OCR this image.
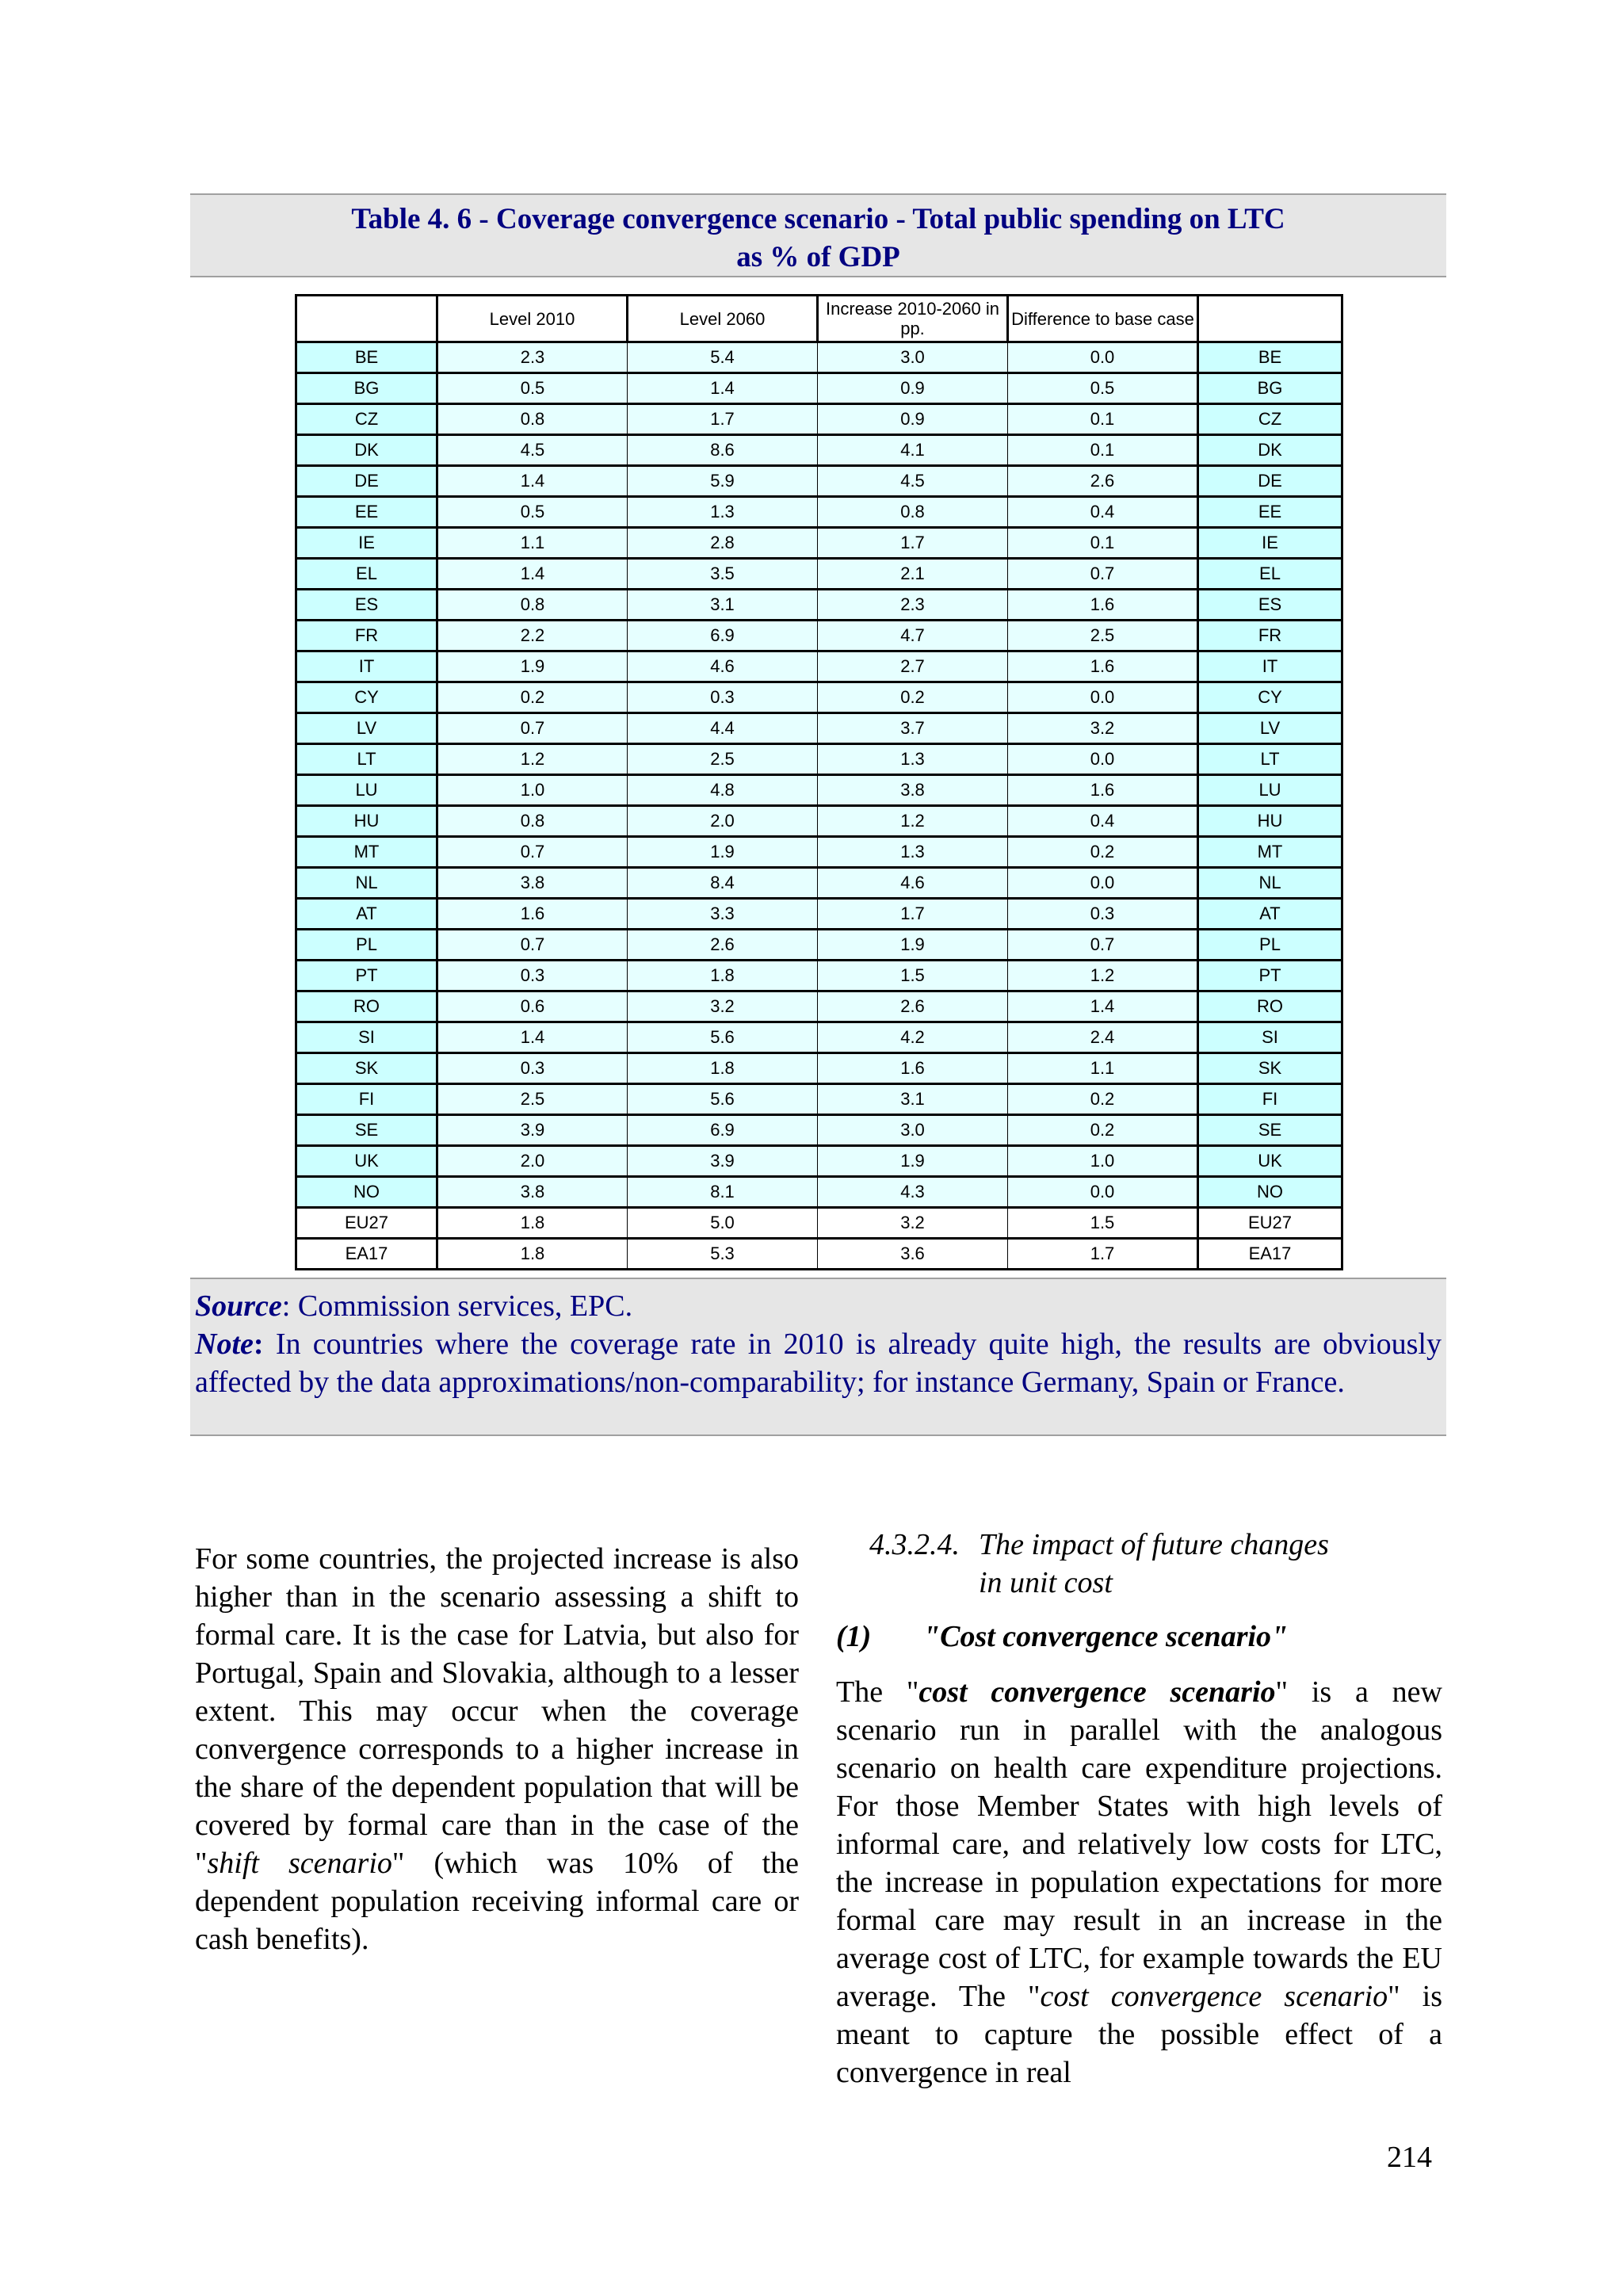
Table 4. 6 - Coverage convergence scenario - Total public spending on LTC
as % of GDP
	Level 2010	Level 2060	Increase 2010-2060 in pp.	Difference to base case	
BE	2.3	5.4	3.0	0.0	BE
BG	0.5	1.4	0.9	0.5	BG
CZ	0.8	1.7	0.9	0.1	CZ
DK	4.5	8.6	4.1	0.1	DK
DE	1.4	5.9	4.5	2.6	DE
EE	0.5	1.3	0.8	0.4	EE
IE	1.1	2.8	1.7	0.1	IE
EL	1.4	3.5	2.1	0.7	EL
ES	0.8	3.1	2.3	1.6	ES
FR	2.2	6.9	4.7	2.5	FR
IT	1.9	4.6	2.7	1.6	IT
CY	0.2	0.3	0.2	0.0	CY
LV	0.7	4.4	3.7	3.2	LV
LT	1.2	2.5	1.3	0.0	LT
LU	1.0	4.8	3.8	1.6	LU
HU	0.8	2.0	1.2	0.4	HU
MT	0.7	1.9	1.3	0.2	MT
NL	3.8	8.4	4.6	0.0	NL
AT	1.6	3.3	1.7	0.3	AT
PL	0.7	2.6	1.9	0.7	PL
PT	0.3	1.8	1.5	1.2	PT
RO	0.6	3.2	2.6	1.4	RO
SI	1.4	5.6	4.2	2.4	SI
SK	0.3	1.8	1.6	1.1	SK
FI	2.5	5.6	3.1	0.2	FI
SE	3.9	6.9	3.0	0.2	SE
UK	2.0	3.9	1.9	1.0	UK
NO	3.8	8.1	4.3	0.0	NO
EU27	1.8	5.0	3.2	1.5	EU27
EA17	1.8	5.3	3.6	1.7	EA17
Source: Commission services, EPC.
Note: In countries where the coverage rate in 2010 is already quite high, the results are obviously affected by the data approximations/non-comparability; for instance Germany, Spain or France.

For some countries, the projected increase is also higher than in the scenario assessing a shift to formal care. It is the case for Latvia, but also for Portugal, Spain and Slovakia, although to a lesser extent. This may occur when the coverage convergence corresponds to a higher increase in the share of the dependent population that will be covered by formal care than in the case of the "shift scenario" (which was 10% of the dependent population receiving informal care or cash benefits).

4.3.2.4. The impact of future changes
in unit cost
(1) "Cost convergence scenario"

The "cost convergence scenario" is a new scenario run in parallel with the analogous scenario on health care expenditure projections. For those Member States with high levels of informal care, and relatively low costs for LTC, the increase in population expectations for more formal care may result in an increase in the average cost of LTC, for example towards the EU average. The "cost convergence scenario" is meant to capture the possible effect of a convergence in real

214
